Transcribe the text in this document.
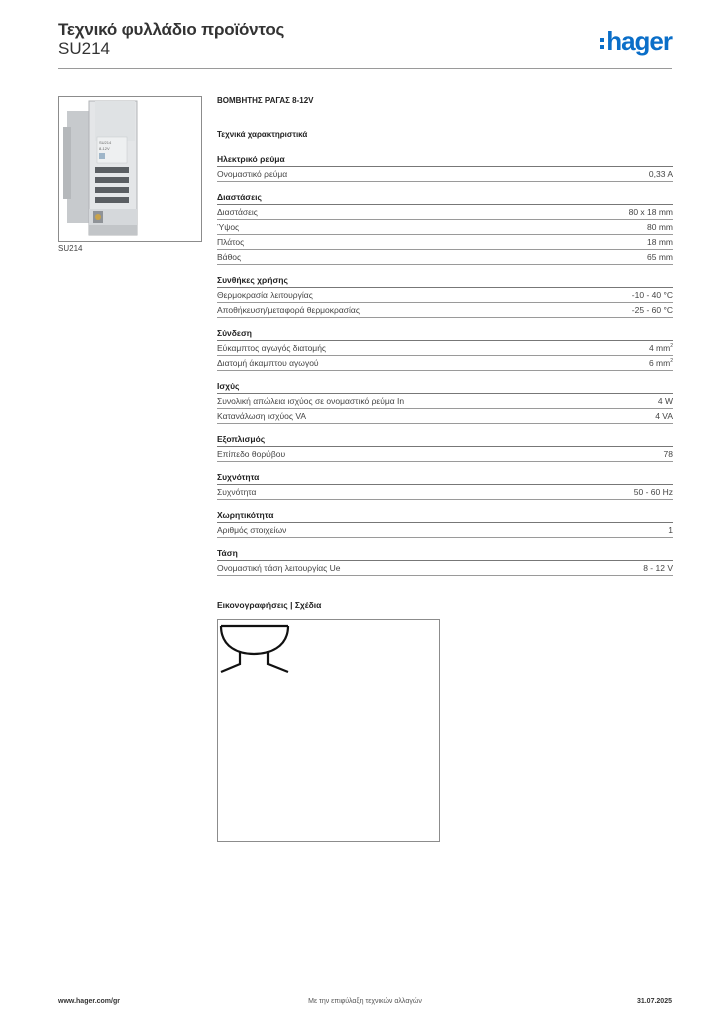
Τεχνικό φυλλάδιο προϊόντος
SU214	hager
SU214
8-12V
SU214
ΒΟΜΒΗΤΗΣ ΡΑΓΑΣ 8-12V
Τεχνικά χαρακτηριστικά
Ηλεκτρικό ρεύμα
Ονομαστικό ρεύμα	0,33 A
Διαστάσεις
Διαστάσεις	80 x 18 mm
Ύψος	80 mm
Πλάτος	18 mm
Βάθος	65 mm
Συνθήκες χρήσης
Θερμοκρασία λειτουργίας	-10 - 40 °C
Αποθήκευση/μεταφορά θερμοκρασίας	-25 - 60 °C
Σύνδεση
Εύκαμπτος αγωγός διατομής	4 $mm^2$
Διατομή άκαμπτου αγωγού	6 $mm^2$
Ισχύς
Συνολική απώλεια ισχύος σε ονομαστικό ρεύμα In	4 W
Κατανάλωση ισχύος VA	4 VA
Εξοπλισμός
Επίπεδο θορύβου	78
Συχνότητα
Συχνότητα	50 - 60 Hz
Χωρητικότητα
Αριθμός στοιχείων	1
Τάση
Ονομαστική τάση λειτουργίας Ue	8 - 12 V
Εικονογραφήσεις | Σχέδια
www.hager.com/gr	Με την επιφύλαξη τεχνικών αλλαγών	31.07.2025
